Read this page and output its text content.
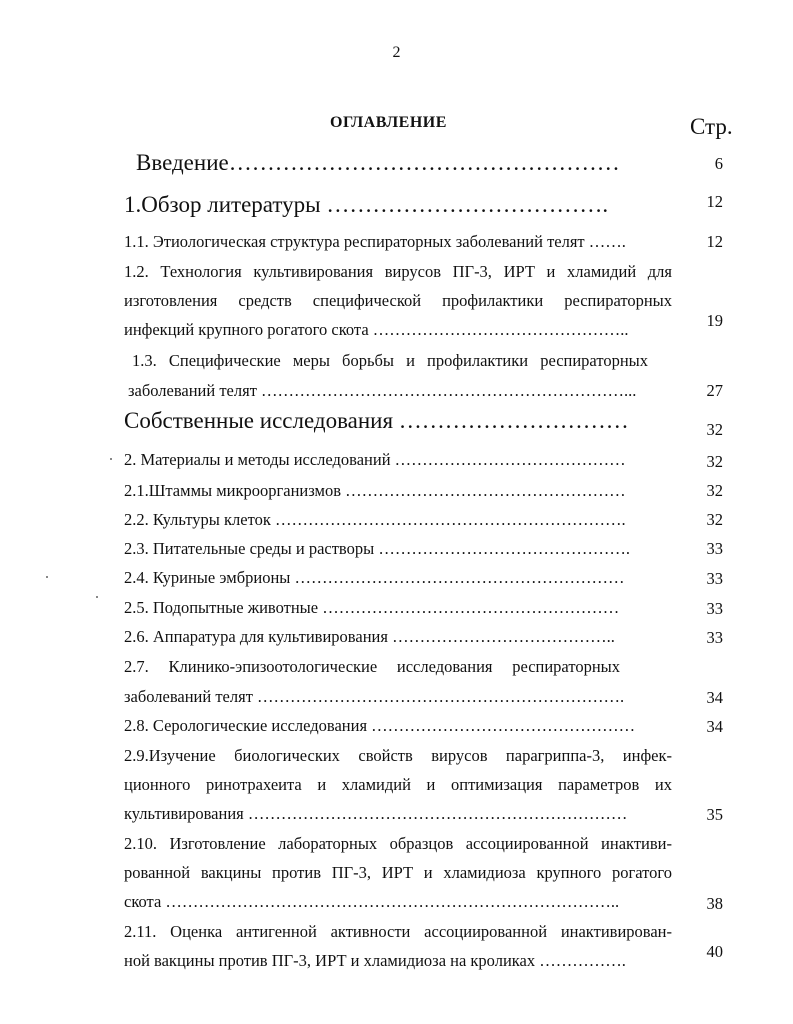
2
ОГЛАВЛЕНИЕ	Стр.
Введение……………………………………………	6
1.Обзор литературы ……………………………….	12
1.1. Этиологическая структура респираторных заболеваний телят …….	12
1.2. Технология культивирования вирусов ПГ-3, ИРТ и хламидий для
изготовления средств специфической профилактики респираторных
инфекций крупного рогатого скота ………………………………………..	19
1.3. Специфические меры борьбы и профилактики респираторных
заболеваний телят …………………………………………………………...	27
Собственные исследования …………………………	32
2. Материалы и методы исследований ……………………………………	32
2.1.Штаммы микроорганизмов ……………………………………………	32
2.2. Культуры клеток ……………………………………………………….	32
2.3. Питательные среды и растворы ……………………………………….	33
2.4. Куриные эмбрионы ……………………………………………………	33
2.5. Подопытные животные ………………………………………………	33
2.6. Аппаратура для культивирования …………………………………..	33
2.7. Клинико-эпизоотологические исследования респираторных
заболеваний телят ………………………………………………………….	34
2.8. Серологические исследования …………………………………………	34
2.9.Изучение биологических свойств вирусов парагриппа-3, инфек-
ционного ринотрахеита и хламидий и оптимизация параметров их
культивирования ……………………………………………………………	35
2.10. Изготовление лабораторных образцов ассоциированной инактиви-
рованной вакцины против ПГ-3, ИРТ и хламидиоза крупного рогатого
скота ………………………………………………………………………..	38
2.11. Оценка антигенной активности ассоциированной инактивирован-
ной вакцины против ПГ-3, ИРТ и хламидиоза на кроликах …………….	40
